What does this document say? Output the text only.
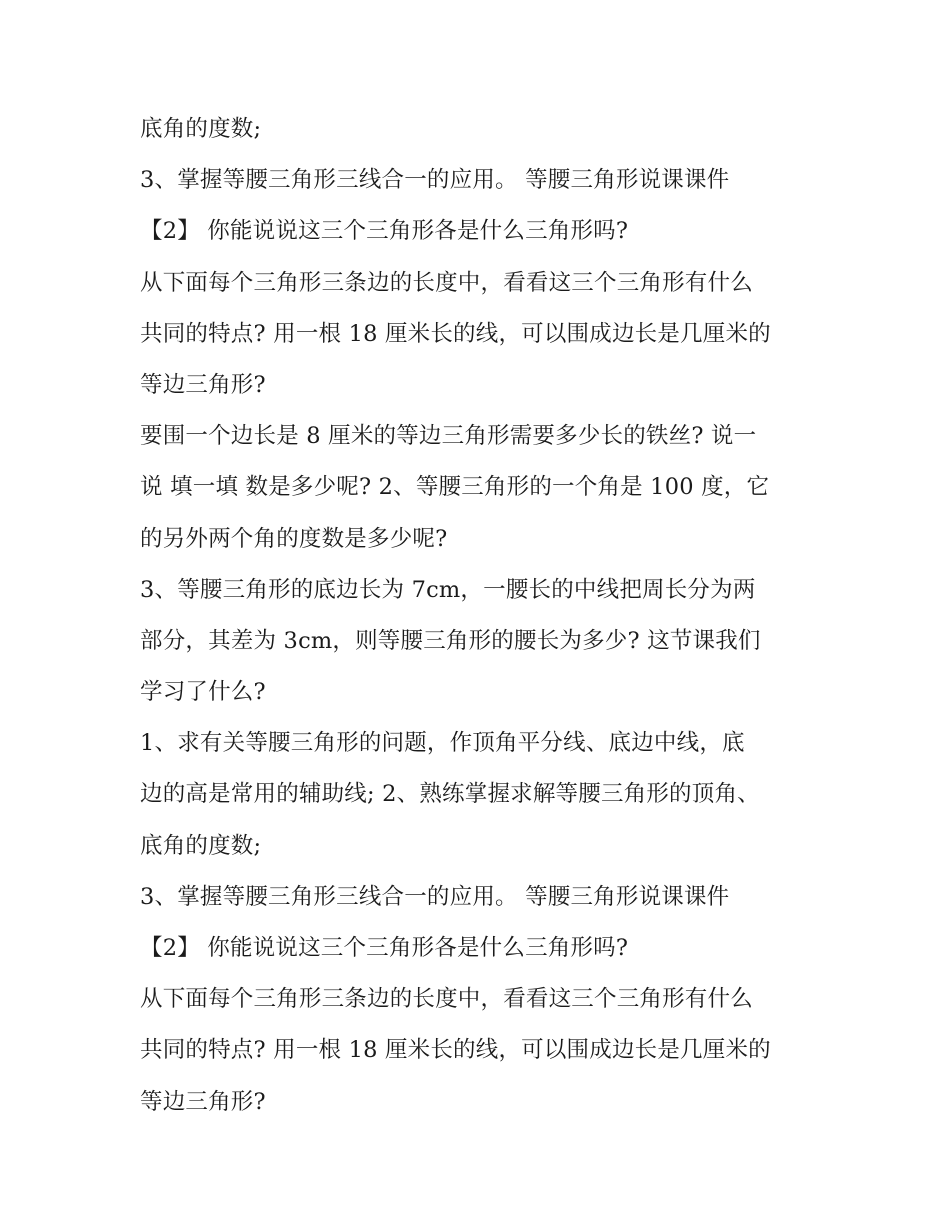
底角的度数;
3、掌握等腰三角形三线合一的应用。 等腰三角形说课课件
【2】 你能说说这三个三角形各是什么三角形吗?
从下面每个三角形三条边的长度中，看看这三个三角形有什么
共同的特点? 用一根 18 厘米长的线，可以围成边长是几厘米的
等边三角形?
要围一个边长是 8 厘米的等边三角形需要多少长的铁丝? 说一
说 填一填 数是多少呢? 2、等腰三角形的一个角是 100 度，它
的另外两个角的度数是多少呢?
3、等腰三角形的底边长为 7cm，一腰长的中线把周长分为两
部分，其差为 3cm，则等腰三角形的腰长为多少? 这节课我们
学习了什么?
1、求有关等腰三角形的问题，作顶角平分线、底边中线，底
边的高是常用的辅助线; 2、熟练掌握求解等腰三角形的顶角、
底角的度数;
3、掌握等腰三角形三线合一的应用。 等腰三角形说课课件
【2】 你能说说这三个三角形各是什么三角形吗?
从下面每个三角形三条边的长度中，看看这三个三角形有什么
共同的特点? 用一根 18 厘米长的线，可以围成边长是几厘米的
等边三角形?
